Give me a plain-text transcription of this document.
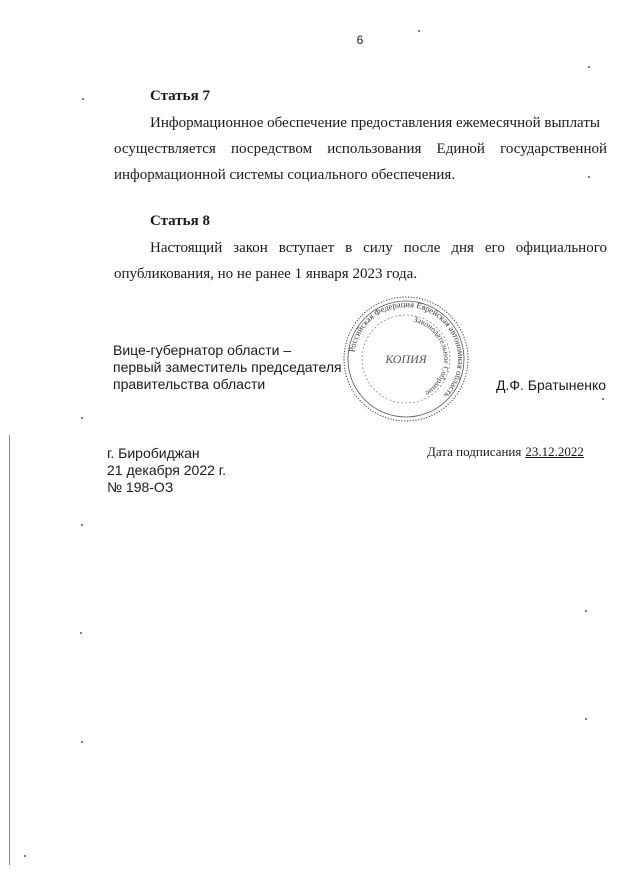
6
Статья 7
Информационное обеспечение предоставления ежемесячной выплаты
осуществляется посредством использования Единой государственной
информационной системы социального обеспечения.
Статья 8
Настоящий закон вступает в силу после дня его официального
опубликования, но не ранее 1 января 2023 года.
Вице-губернатор области –
первый заместитель председателя
правительства области
Российская Федерация Еврейская автономная область
Законодательное Собрание
КОПИЯ
Д.Ф. Братыненко
г. Биробиджан
21 декабря 2022 г.
№ 198-ОЗ
Дата подписания 23.12.2022
